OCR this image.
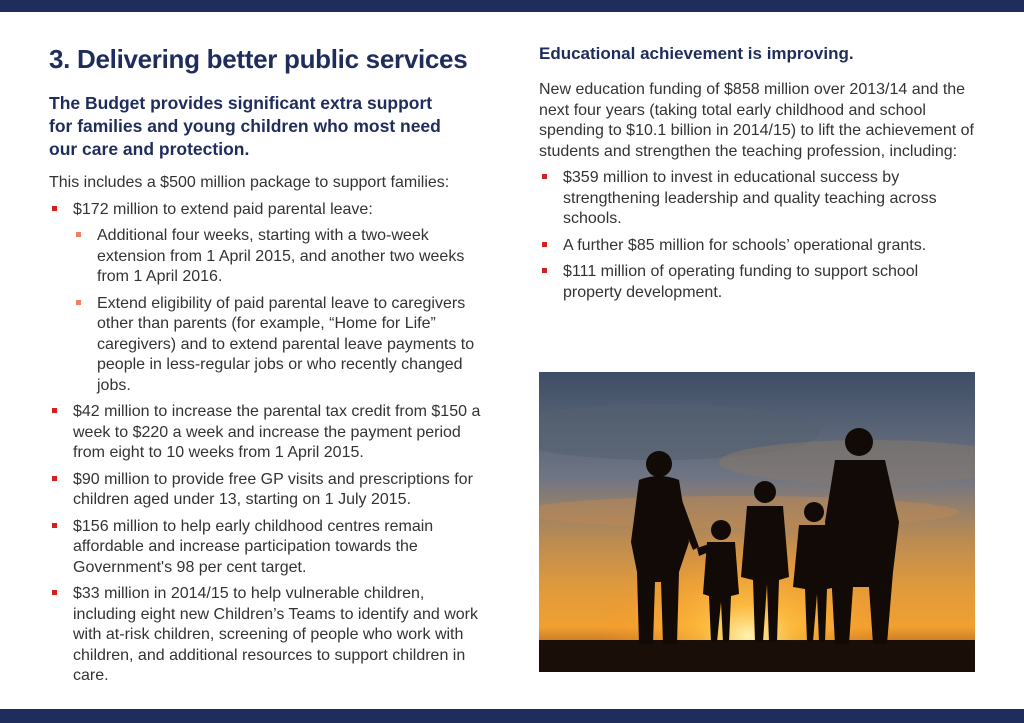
3. Delivering better public services
The Budget provides significant extra support
for families and young children who most need
our care and protection.
This includes a $500 million package to support families:
$172 million to extend paid parental leave:
Additional four weeks, starting with a two-week extension from 1 April 2015, and another two weeks from 1 April 2016.
Extend eligibility of paid parental leave to caregivers other than parents (for example, “Home for Life” caregivers) and to extend parental leave payments to people in less-regular jobs or who recently changed jobs.
$42 million to increase the parental tax credit from $150 a week to $220 a week and increase the payment period from eight to 10 weeks from 1 April 2015.
$90 million to provide free GP visits and prescriptions for children aged under 13, starting on 1 July 2015.
$156 million to help early childhood centres remain affordable and increase participation towards the Government's 98 per cent target.
$33 million in 2014/15 to help vulnerable children, including eight new Children’s Teams to identify and work with at-risk children, screening of people who work with children, and additional resources to support children in care.
Educational achievement is improving.
New education funding of $858 million over 2013/14 and the next four years (taking total early childhood and school spending to $10.1 billion in 2014/15) to lift the achievement of students and strengthen the teaching profession, including:
$359 million to invest in educational success by strengthening leadership and quality teaching across schools.
A further $85 million for schools’ operational grants.
$111 million of operating funding to support school property development.
